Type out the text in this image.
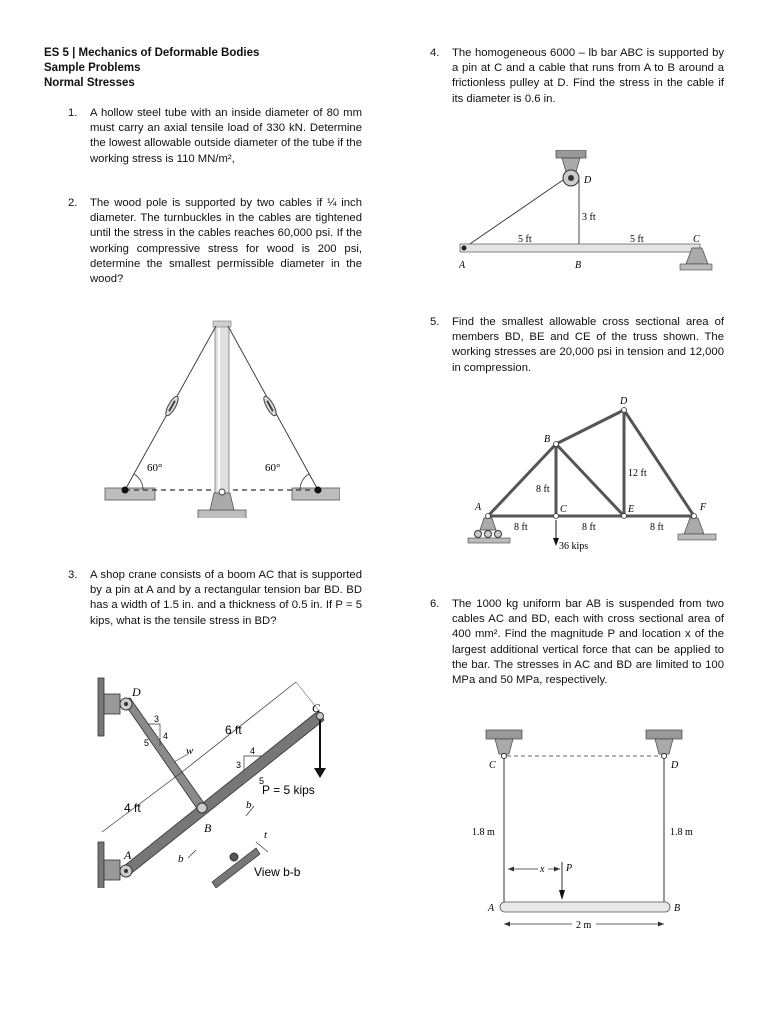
ES 5 | Mechanics of Deformable Bodies
Sample Problems
Normal Stresses
1. A hollow steel tube with an inside diameter of 80 mm must carry an axial tensile load of 330 kN. Determine the lowest allowable outside diameter of the tube if the working stress is 110 MN/m²,
2. The wood pole is supported by two cables if ¼ inch diameter. The turnbuckles in the cables are tightened until the stress in the cables reaches 60,000 psi. If the working compressive stress for wood is 200 psi, determine the smallest permissible diameter in the wood?
3. A shop crane consists of a boom AC that is supported by a pin at A and by a rectangular tension bar BD. BD has a width of 1.5 in. and a thickness of 0.5 in. If P = 5 kips, what is the tensile stress in BD?
4. The homogeneous 6000 – lb bar ABC is supported by a pin at C and a cable that runs from A to B around a frictionless pulley at D. Find the stress in the cable if its diameter is 0.6 in.
5. Find the smallest allowable cross sectional area of members BD, BE and CE of the truss shown. The working stresses are 20,000 psi in tension and 12,000 in compression.
6. The 1000 kg uniform bar AB is suspended from two cables AC and BD, each with cross sectional area of 400 mm². Find the magnitude P and location x of the largest additional vertical force that can be applied to the bar. The stresses in AC and BD are limited to 100 MPa and 50 MPa, respectively.
60°	60°
P = 5 kips
D
C
A
B
6 ft
4 ft
3
4
5
4
3
5
w
b
b
t
View b-b
D
3 ft
5 ft	5 ft	C
A	B
36 kips
A
B
C
D
E	F
8 ft
12 ft
8 ft	8 ft	8 ft
P
x
C	D
1.8 m	1.8 m
A	B
2 m
